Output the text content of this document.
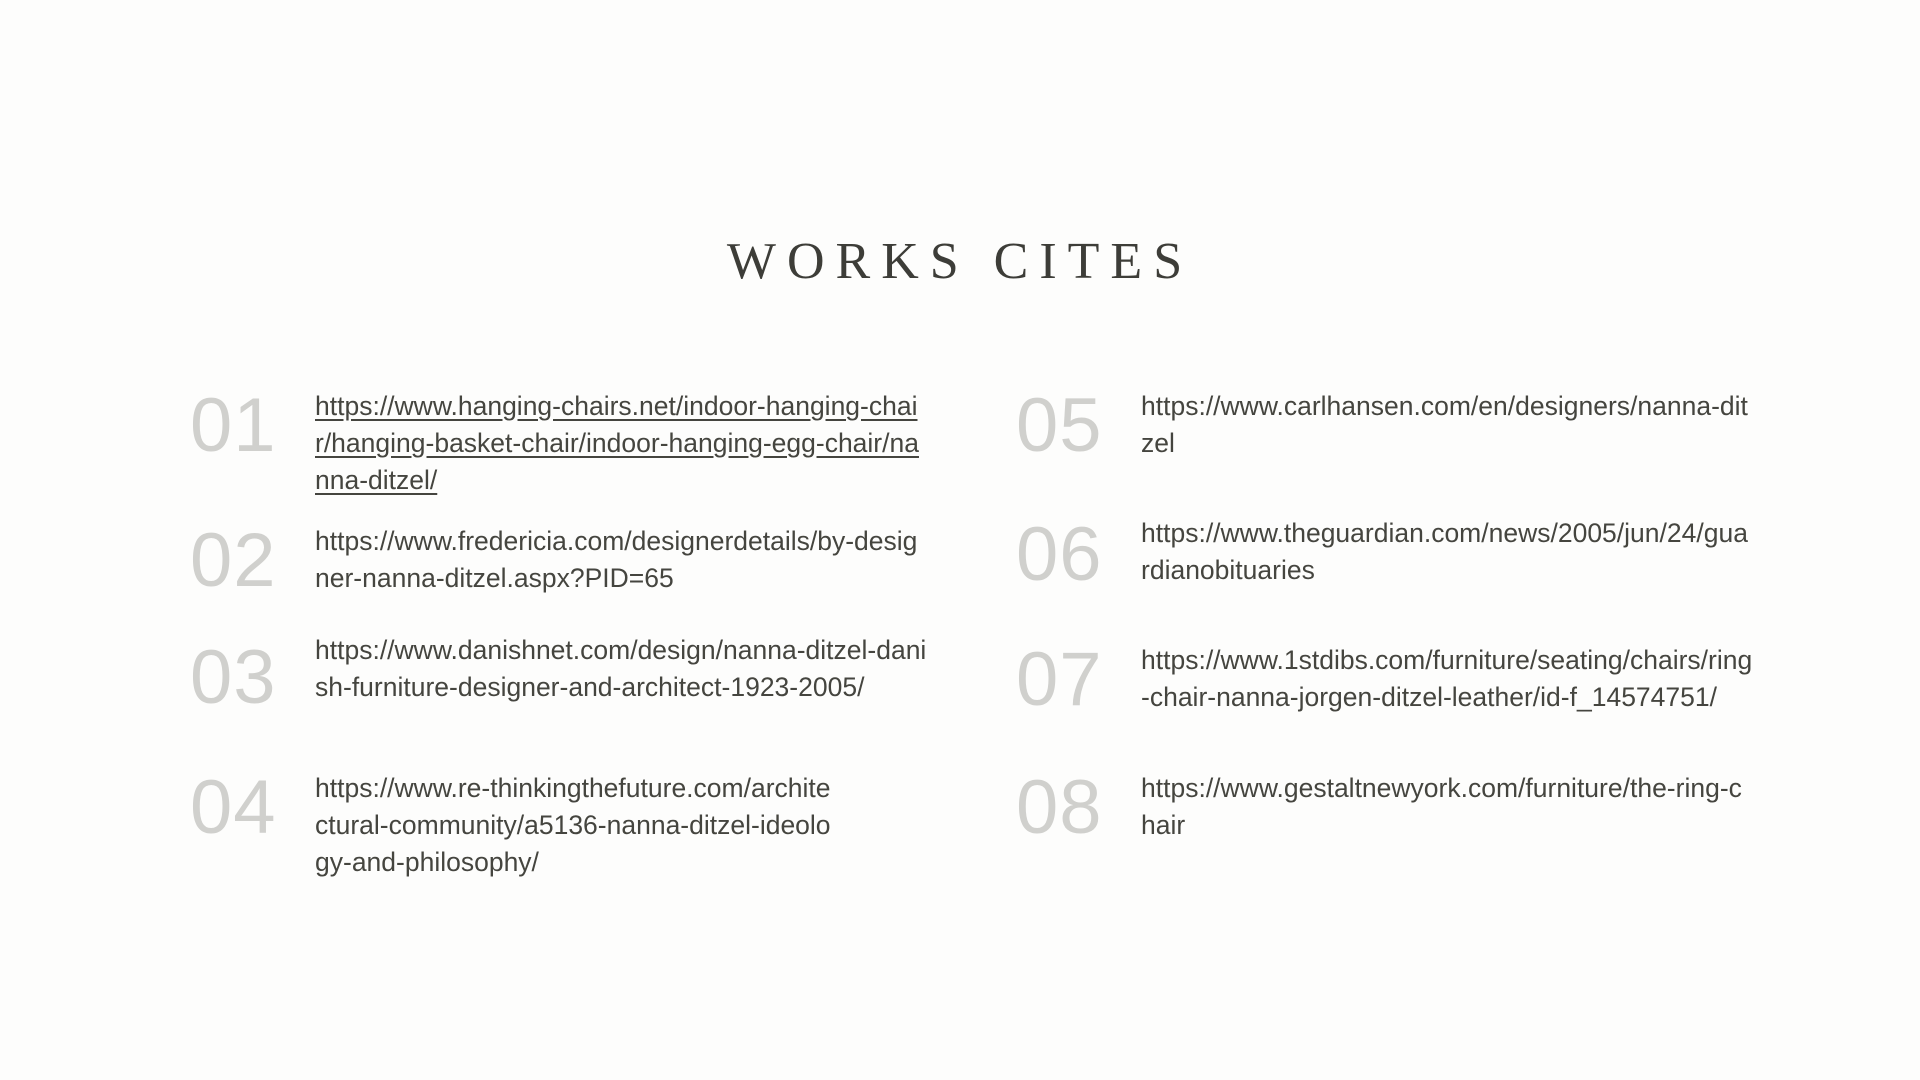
WORKS CITES
01 https://www.hanging-chairs.net/indoor-hanging-chair/hanging-basket-chair/indoor-hanging-egg-chair/nanna-ditzel/
02 https://www.fredericia.com/designerdetails/by-designer-nanna-ditzel.aspx?PID=65
03 https://www.danishnet.com/design/nanna-ditzel-danish-furniture-designer-and-architect-1923-2005/
04 https://www.re-thinkingthefuture.com/architectural-community/a5136-nanna-ditzel-ideology-and-philosophy/
05 https://www.carlhansen.com/en/designers/nanna-ditzel
06 https://www.theguardian.com/news/2005/jun/24/guardianobituaries
07 https://www.1stdibs.com/furniture/seating/chairs/ring-chair-nanna-jorgen-ditzel-leather/id-f_14574751/
08 https://www.gestaltnewyork.com/furniture/the-ring-chair
